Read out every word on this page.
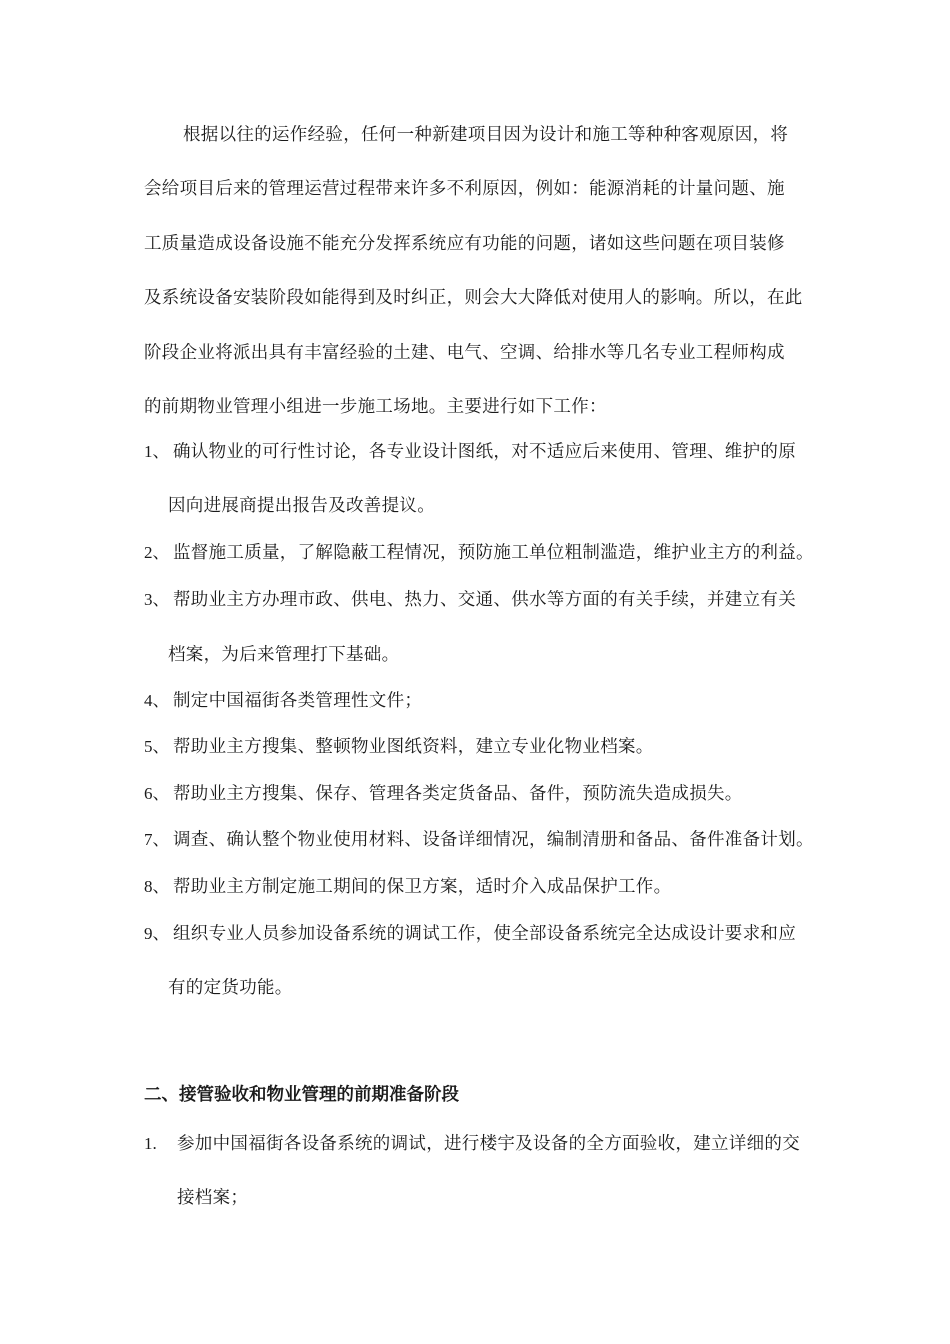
根据以往的运作经验，任何一种新建项目因为设计和施工等种种客观原因，将
会给项目后来的管理运营过程带来许多不利原因，例如：能源消耗的计量问题、施
工质量造成设备设施不能充分发挥系统应有功能的问题，诸如这些问题在项目装修
及系统设备安装阶段如能得到及时纠正，则会大大降低对使用人的影响。所以，在此
阶段企业将派出具有丰富经验的土建、电气、空调、给排水等几名专业工程师构成
的前期物业管理小组进一步施工场地。主要进行如下工作：
1、 确认物业的可行性讨论，各专业设计图纸，对不适应后来使用、管理、维护的原
因向进展商提出报告及改善提议。
2、 监督施工质量，了解隐蔽工程情况，预防施工单位粗制滥造，维护业主方的利益。
3、 帮助业主方办理市政、供电、热力、交通、供水等方面的有关手续，并建立有关
档案，为后来管理打下基础。
4、 制定中国福街各类管理性文件；
5、 帮助业主方搜集、整顿物业图纸资料，建立专业化物业档案。
6、 帮助业主方搜集、保存、管理各类定货备品、备件，预防流失造成损失。
7、 调查、确认整个物业使用材料、设备详细情况，编制清册和备品、备件准备计划。
8、 帮助业主方制定施工期间的保卫方案，适时介入成品保护工作。
9、 组织专业人员参加设备系统的调试工作，使全部设备系统完全达成设计要求和应
有的定货功能。
二、接管验收和物业管理的前期准备阶段
1. 参加中国福街各设备系统的调试，进行楼宇及设备的全方面验收，建立详细的交
接档案；
